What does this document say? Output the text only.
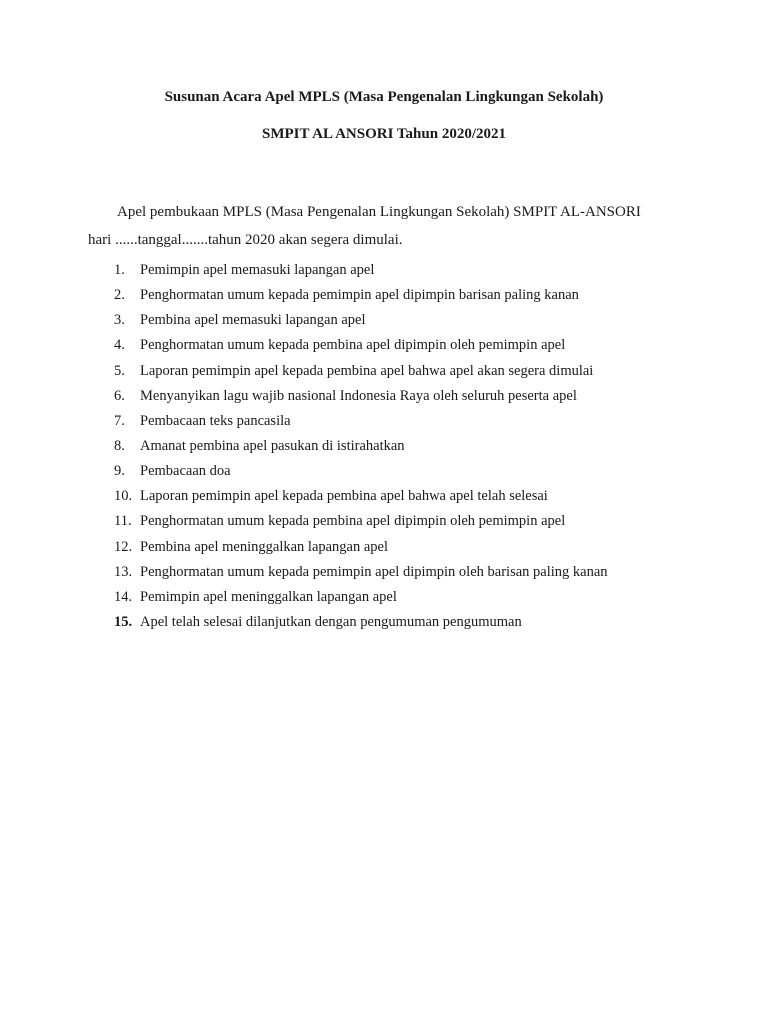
Susunan Acara Apel MPLS (Masa Pengenalan Lingkungan Sekolah)
SMPIT AL ANSORI Tahun 2020/2021
Apel pembukaan MPLS (Masa Pengenalan Lingkungan Sekolah) SMPIT AL-ANSORI
hari ......tanggal.......tahun 2020 akan segera dimulai.
1. Pemimpin apel memasuki lapangan apel
2. Penghormatan umum kepada pemimpin apel dipimpin barisan paling kanan
3. Pembina apel memasuki lapangan apel
4. Penghormatan umum kepada pembina apel dipimpin oleh pemimpin apel
5. Laporan pemimpin apel kepada pembina apel bahwa apel akan segera dimulai
6. Menyanyikan lagu wajib nasional Indonesia Raya oleh seluruh peserta apel
7. Pembacaan teks pancasila
8. Amanat pembina apel pasukan di istirahatkan
9. Pembacaan doa
10. Laporan pemimpin apel kepada pembina apel bahwa apel telah selesai
11. Penghormatan umum kepada pembina apel dipimpin oleh pemimpin apel
12. Pembina apel meninggalkan lapangan apel
13. Penghormatan umum kepada pemimpin apel dipimpin oleh barisan paling kanan
14. Pemimpin apel meninggalkan lapangan apel
15. Apel telah selesai dilanjutkan dengan pengumuman pengumuman
